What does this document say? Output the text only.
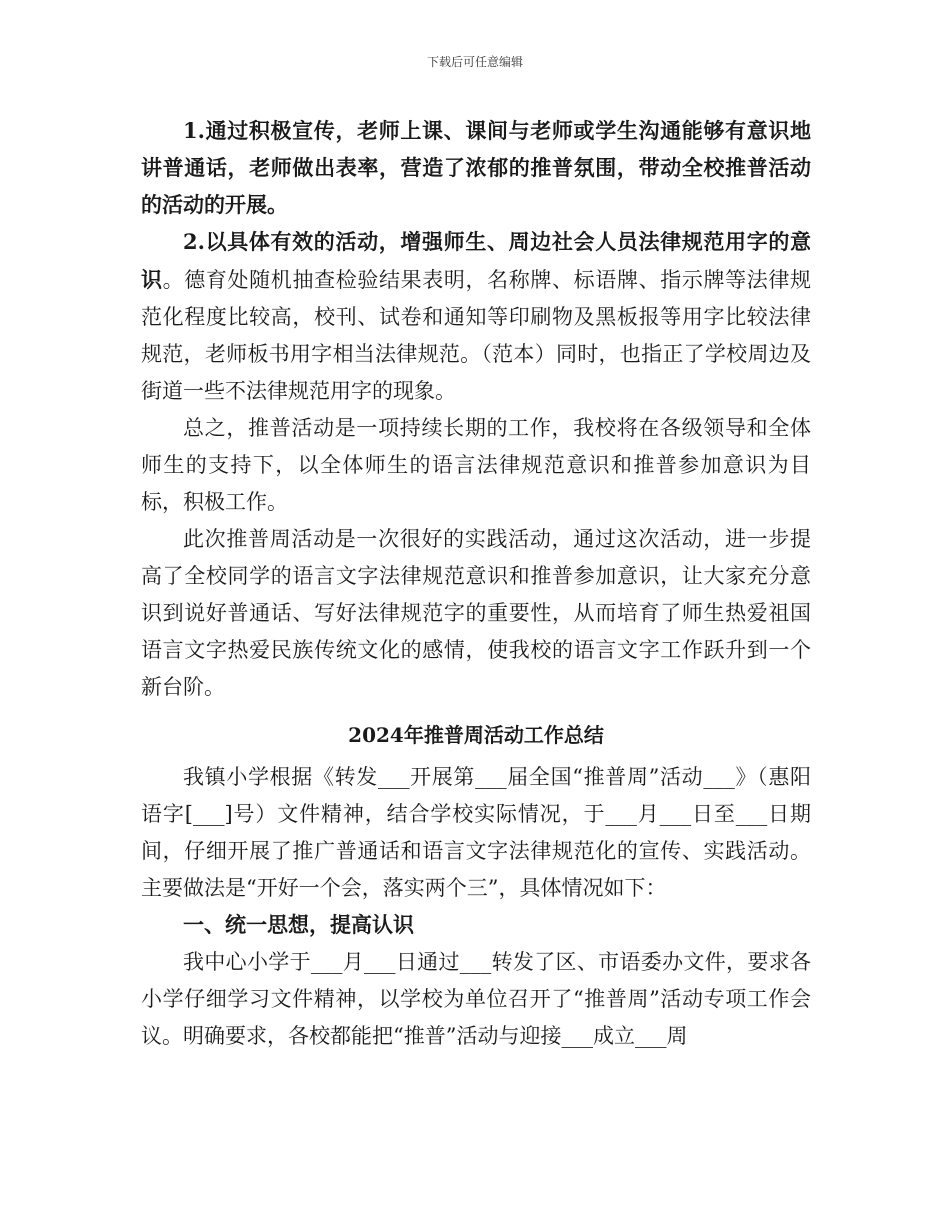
下载后可任意编辑

1.通过积极宣传，老师上课、课间与老师或学生沟通能够有意识地讲普通话，老师做出表率，营造了浓郁的推普氛围，带动全校推普活动的活动的开展。

2.以具体有效的活动，增强师生、周边社会人员法律规范用字的意识。德育处随机抽查检验结果表明，名称牌、标语牌、指示牌等法律规范化程度比较高，校刊、试卷和通知等印刷物及黑板报等用字比较法律规范，老师板书用字相当法律规范。（范本）同时，也指正了学校周边及街道一些不法律规范用字的现象。

总之，推普活动是一项持续长期的工作，我校将在各级领导和全体师生的支持下，以全体师生的语言法律规范意识和推普参加意识为目标，积极工作。

此次推普周活动是一次很好的实践活动，通过这次活动，进一步提高了全校同学的语言文字法律规范意识和推普参加意识，让大家充分意识到说好普通话、写好法律规范字的重要性，从而培育了师生热爱祖国语言文字热爱民族传统文化的感情，使我校的语言文字工作跃升到一个新台阶。

2024年推普周活动工作总结

我镇小学根据《转发___开展第___届全国“推普周”活动___》（惠阳语字[___]号）文件精神，结合学校实际情况，于___月___日至___日期间，仔细开展了推广普通话和语言文字法律规范化的宣传、实践活动。主要做法是“开好一个会，落实两个三”，具体情况如下：

一、统一思想，提高认识

我中心小学于___月___日通过___转发了区、市语委办文件，要求各小学仔细学习文件精神，以学校为单位召开了“推普周”活动专项工作会议。明确要求，各校都能把“推普”活动与迎接___成立___周
